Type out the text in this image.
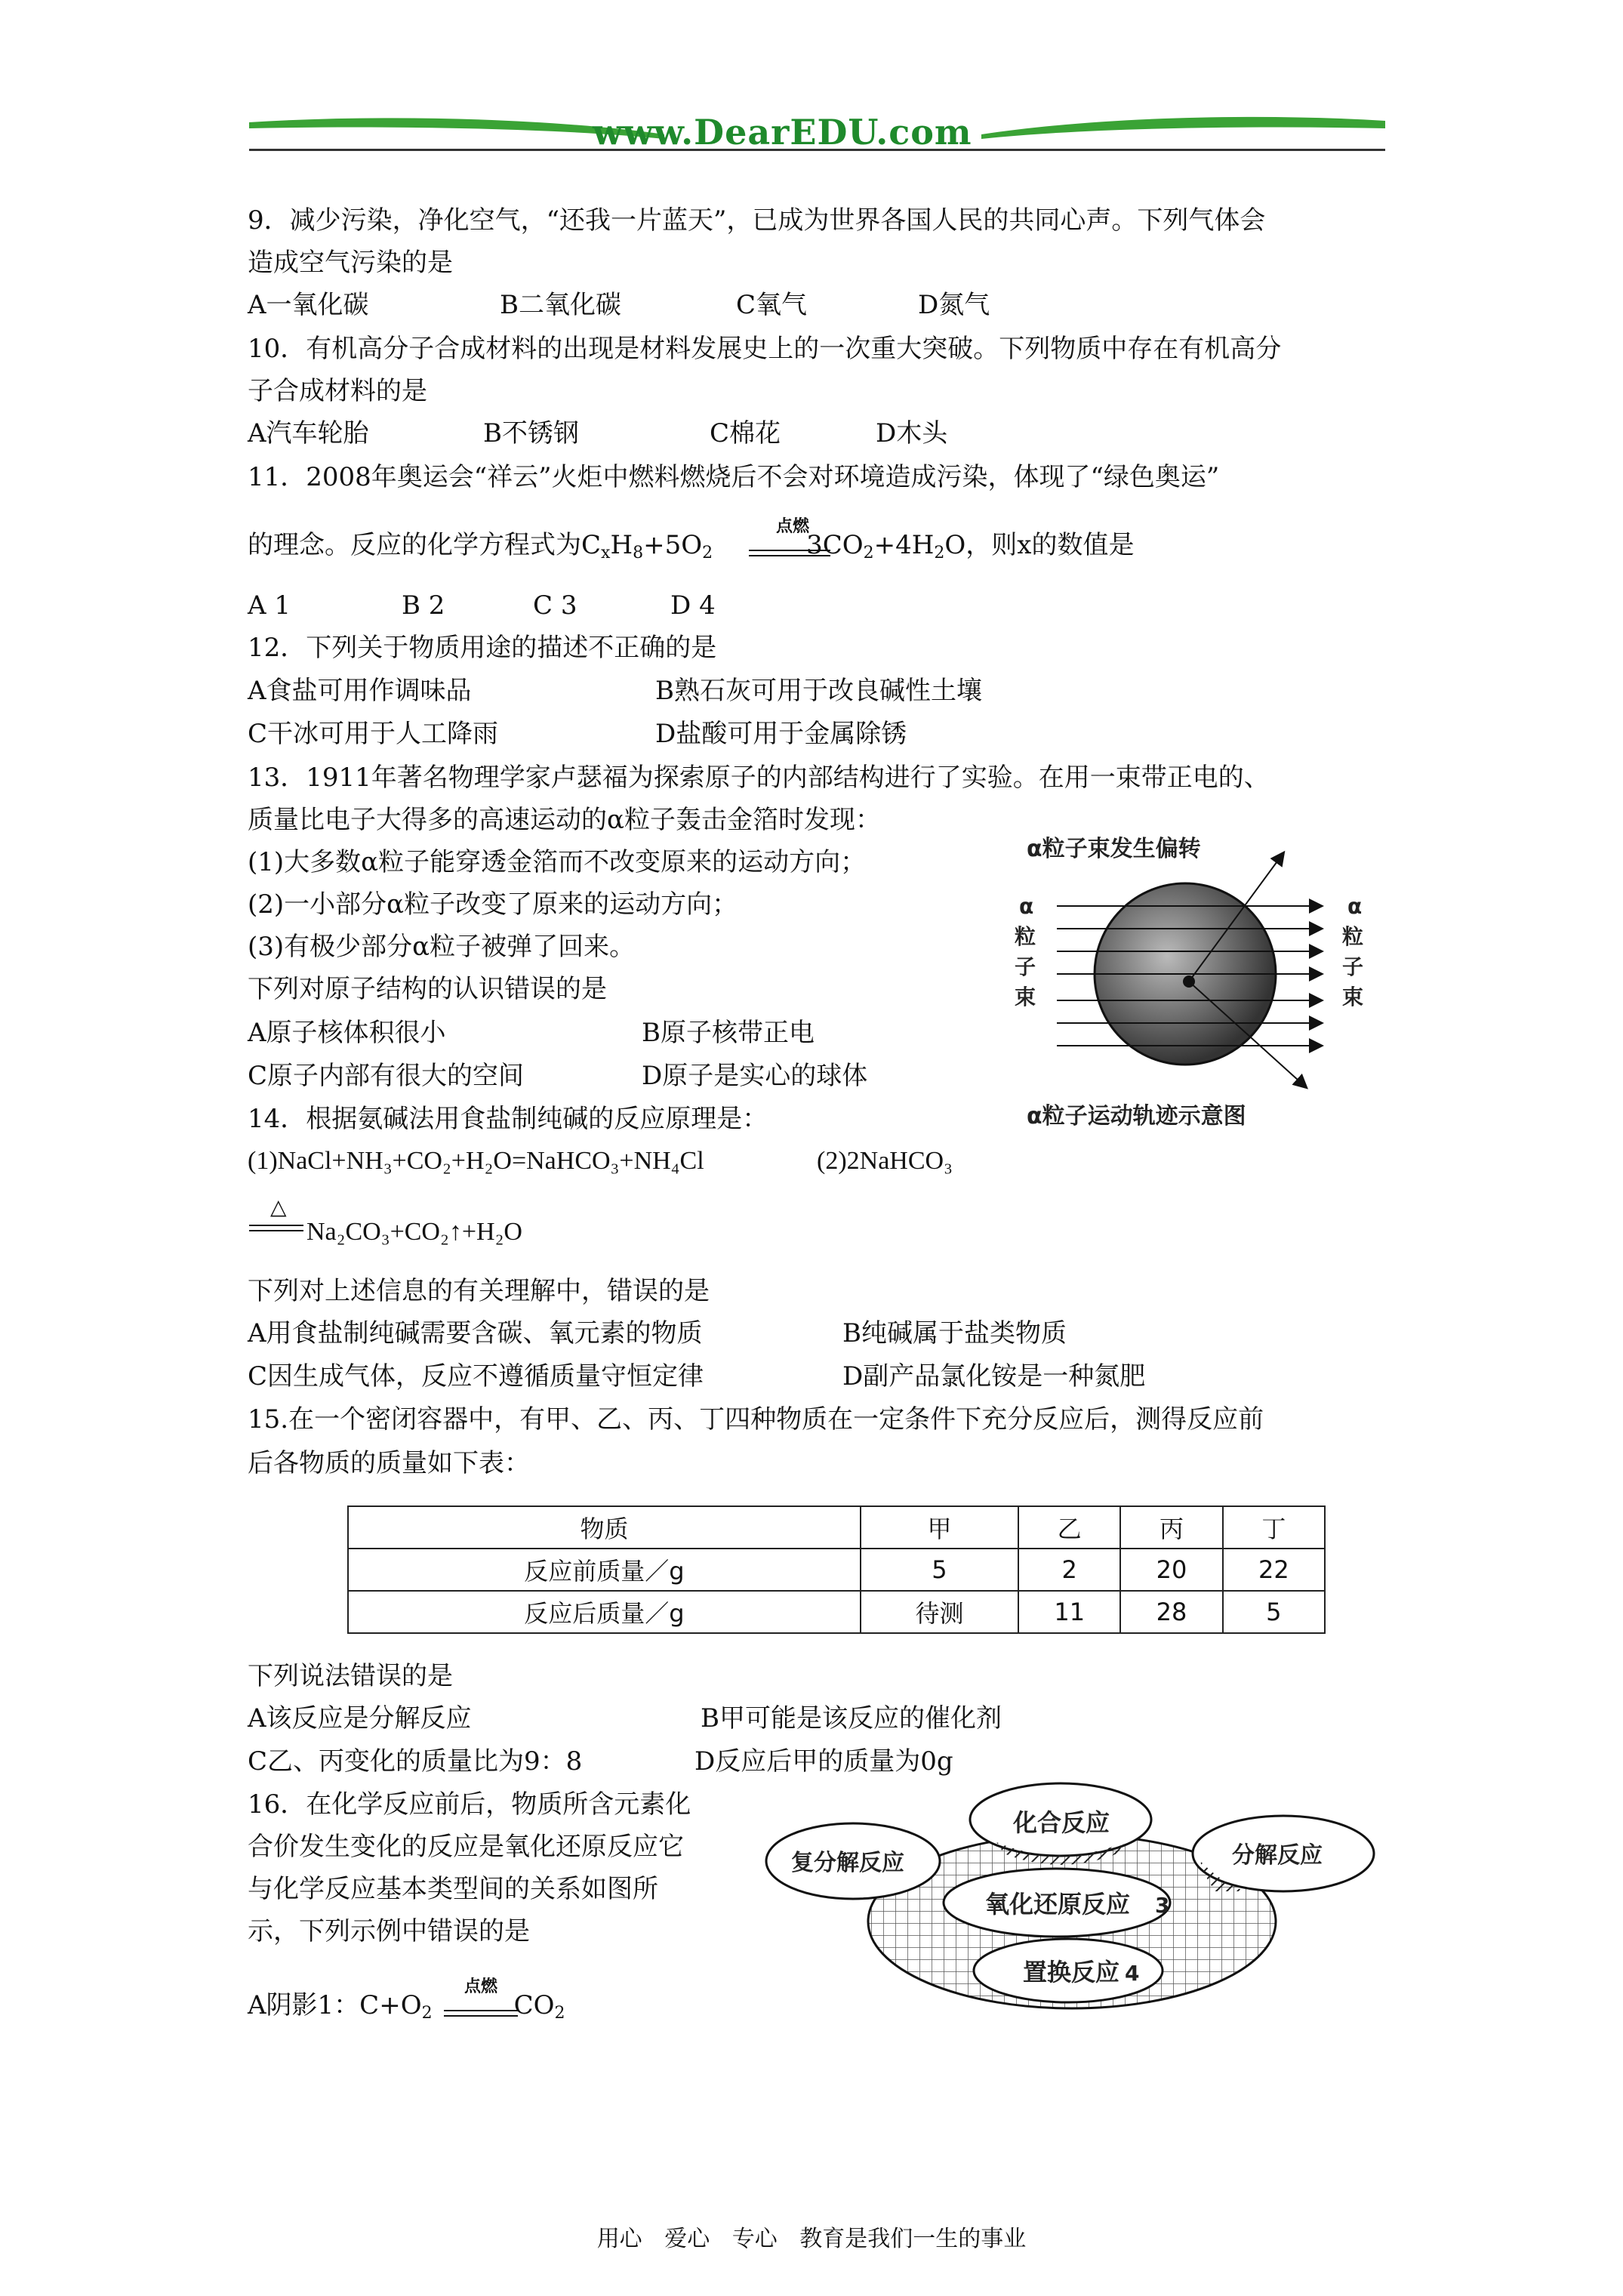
www.DearEDU.com
9．减少污染，净化空气，“还我一片蓝天”，已成为世界各国人民的共同心声。下列气体会
造成空气污染的是
A一氧化碳	B二氧化碳	C氧气	D氮气
10．有机高分子合成材料的出现是材料发展史上的一次重大突破。下列物质中存在有机高分
子合成材料的是
A汽车轮胎	B不锈钢	C棉花	D木头
11．2008年奥运会“祥云”火炬中燃料燃烧后不会对环境造成污染，体现了“绿色奥运”
的理念。反应的化学方程式为$C_xH_8+5O_2$	$3CO_2+4H_2O$，则x的数值是
点燃
A 1	B 2	C 3	D 4
12．下列关于物质用途的描述不正确的是
A食盐可用作调味品	B熟石灰可用于改良碱性土壤
C干冰可用于人工降雨	D盐酸可用于金属除锈
13．1911年著名物理学家卢瑟福为探索原子的内部结构进行了实验。在用一束带正电的、
质量比电子大得多的高速运动的α粒子轰击金箔时发现：
(1)大多数α粒子能穿透金箔而不改变原来的运动方向；
(2)一小部分α粒子改变了原来的运动方向；
(3)有极少部分α粒子被弹了回来。
下列对原子结构的认识错误的是
A原子核体积很小	B原子核带正电
C原子内部有很大的空间	D原子是实心的球体
α粒子束发生偏转
α粒子运动轨迹示意图
α 粒子束
α 粒子束
14．根据氨碱法用食盐制纯碱的反应原理是：
(1)NaCl+NH₃+CO₂+H₂O=NaHCO₃+NH₄Cl	(2)2NaHCO₃
△
Na₂CO₃+CO₂↑+H₂O
下列对上述信息的有关理解中，错误的是
A用食盐制纯碱需要含碳、氧元素的物质	B纯碱属于盐类物质
C因生成气体，反应不遵循质量守恒定律	D副产品氯化铵是一种氮肥
15.在一个密闭容器中，有甲、乙、丙、丁四种物质在一定条件下充分反应后，测得反应前
后各物质的质量如下表：
物质	甲	乙	丙	丁
反应前质量／g	5	2	20	22
反应后质量／g	待测	11	28	5
下列说法错误的是
A该反应是分解反应	B甲可能是该反应的催化剂
C乙、丙变化的质量比为9：8	D反应后甲的质量为0g
16．在化学反应前后，物质所含元素化
合价发生变化的反应是氧化还原反应它
与化学反应基本类型间的关系如图所
示，下列示例中错误的是
A阴影1：$C+O_2$	$CO_2$
点燃
化合反应
复分解反应	分解反应
氧化还原反应 3
置换反应 4
用心 爱心 专心 教育是我们一生的事业
